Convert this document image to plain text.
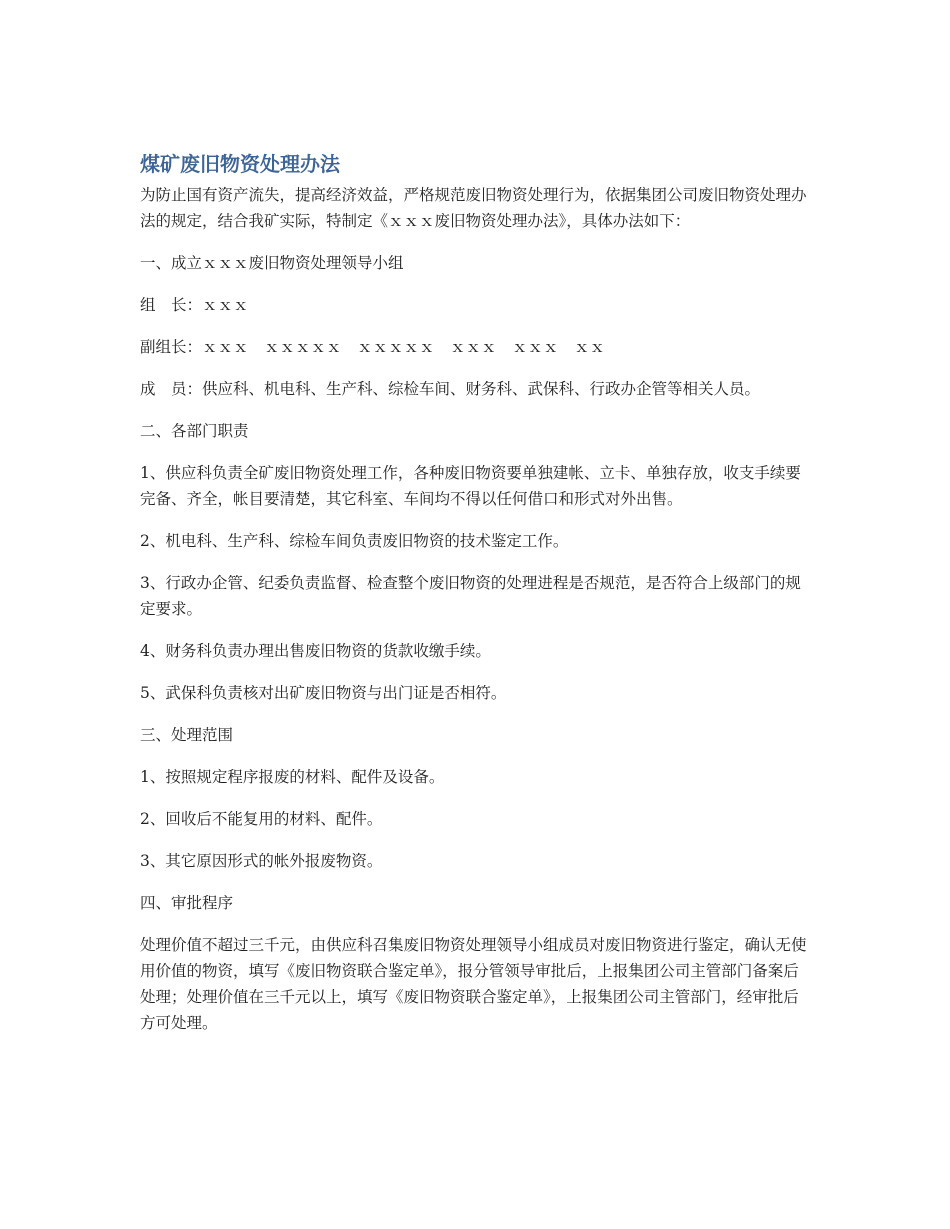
煤矿废旧物资处理办法

为防止国有资产流失，提高经济效益，严格规范废旧物资处理行为，依据集团公司废旧物资处理办法的规定，结合我矿实际，特制定《ｘｘｘ废旧物资处理办法》，具体办法如下：

一、成立ｘｘｘ废旧物资处理领导小组

组　长：ｘｘｘ

副组长：ｘｘｘ　ｘｘｘｘｘ　ｘｘｘｘｘ　ｘｘｘ　ｘｘｘ　ｘｘ

成　员：供应科、机电科、生产科、综检车间、财务科、武保科、行政办企管等相关人员。

二、各部门职责

1、供应科负责全矿废旧物资处理工作，各种废旧物资要单独建帐、立卡、单独存放，收支手续要完备、齐全，帐目要清楚，其它科室、车间均不得以任何借口和形式对外出售。

2、机电科、生产科、综检车间负责废旧物资的技术鉴定工作。

3、行政办企管、纪委负责监督、检查整个废旧物资的处理进程是否规范，是否符合上级部门的规定要求。

4、财务科负责办理出售废旧物资的货款收缴手续。

5、武保科负责核对出矿废旧物资与出门证是否相符。

三、处理范围

1、按照规定程序报废的材料、配件及设备。

2、回收后不能复用的材料、配件。

3、其它原因形式的帐外报废物资。

四、审批程序

处理价值不超过三千元，由供应科召集废旧物资处理领导小组成员对废旧物资进行鉴定，确认无使用价值的物资，填写《废旧物资联合鉴定单》，报分管领导审批后，上报集团公司主管部门备案后处理；处理价值在三千元以上，填写《废旧物资联合鉴定单》，上报集团公司主管部门，经审批后方可处理。
